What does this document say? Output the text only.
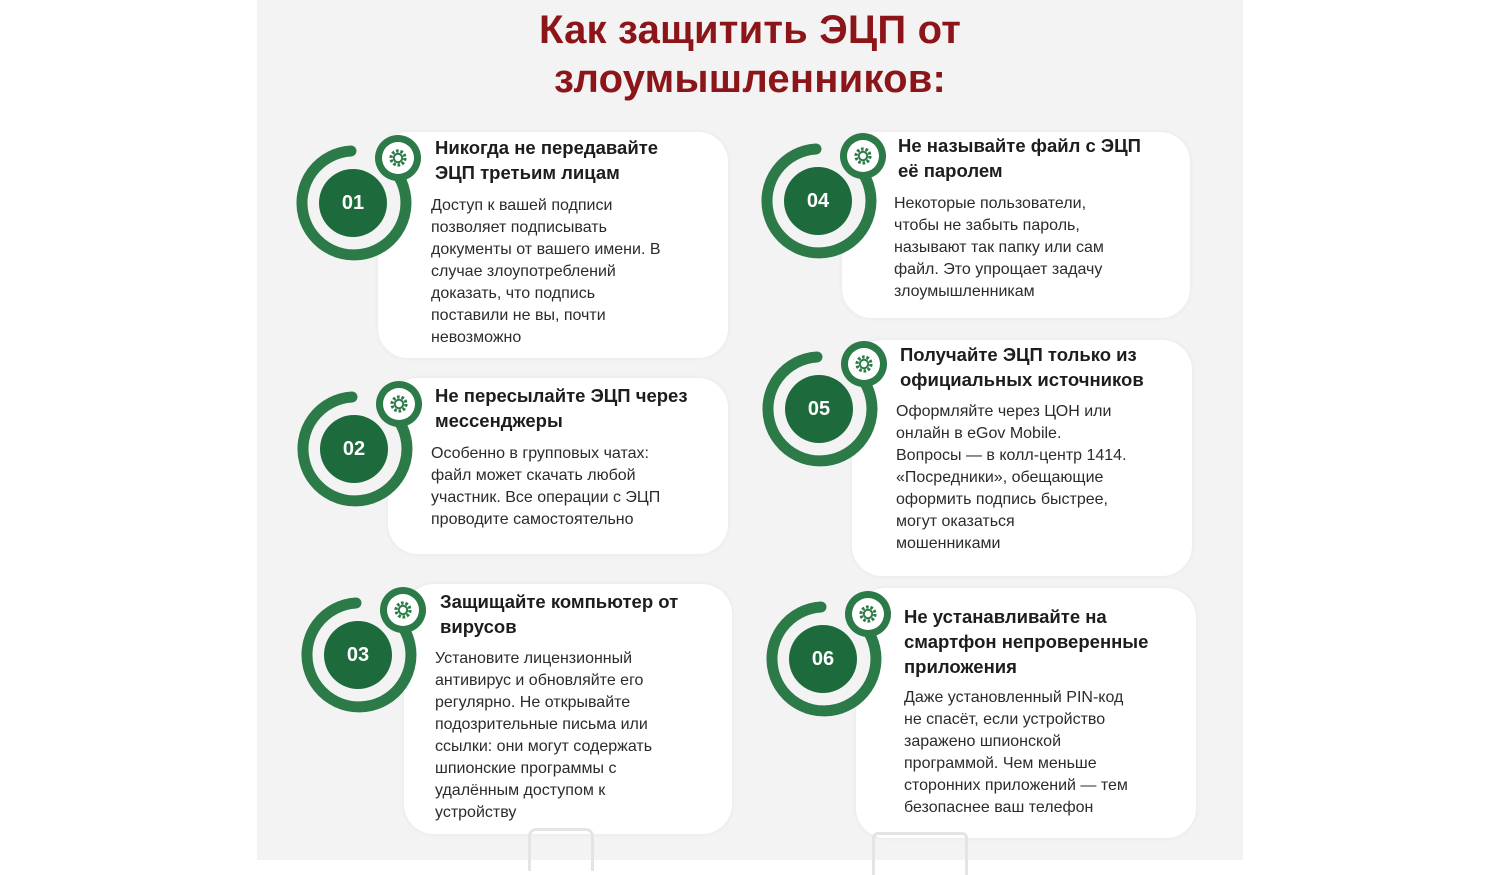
Как защитить ЭЦП от
злоумышленников:
01
Никогда не передавайте
ЭЦП третьим лицам
Доступ к вашей подписи
позволяет подписывать
документы от вашего имени. В
случае злоупотреблений
доказать, что подпись
поставили не вы, почти
невозможно
02
Не пересылайте ЭЦП через
мессенджеры
Особенно в групповых чатах:
файл может скачать любой
участник. Все операции с ЭЦП
проводите самостоятельно
03
Защищайте компьютер от
вирусов
Установите лицензионный
антивирус и обновляйте его
регулярно. Не открывайте
подозрительные письма или
ссылки: они могут содержать
шпионские программы с
удалённым доступом к
устройству
04
Не называйте файл с ЭЦП
её паролем
Некоторые пользователи,
чтобы не забыть пароль,
называют так папку или сам
файл. Это упрощает задачу
злоумышленникам
05
Получайте ЭЦП только из
официальных источников
Оформляйте через ЦОН или
онлайн в eGov Mobile.
Вопросы — в колл-центр 1414.
«Посредники», обещающие
оформить подпись быстрее,
могут оказаться
мошенниками
06
Не устанавливайте на
смартфон непроверенные
приложения
Даже установленный PIN-код
не спасёт, если устройство
заражено шпионской
программой. Чем меньше
сторонних приложений — тем
безопаснее ваш телефон
